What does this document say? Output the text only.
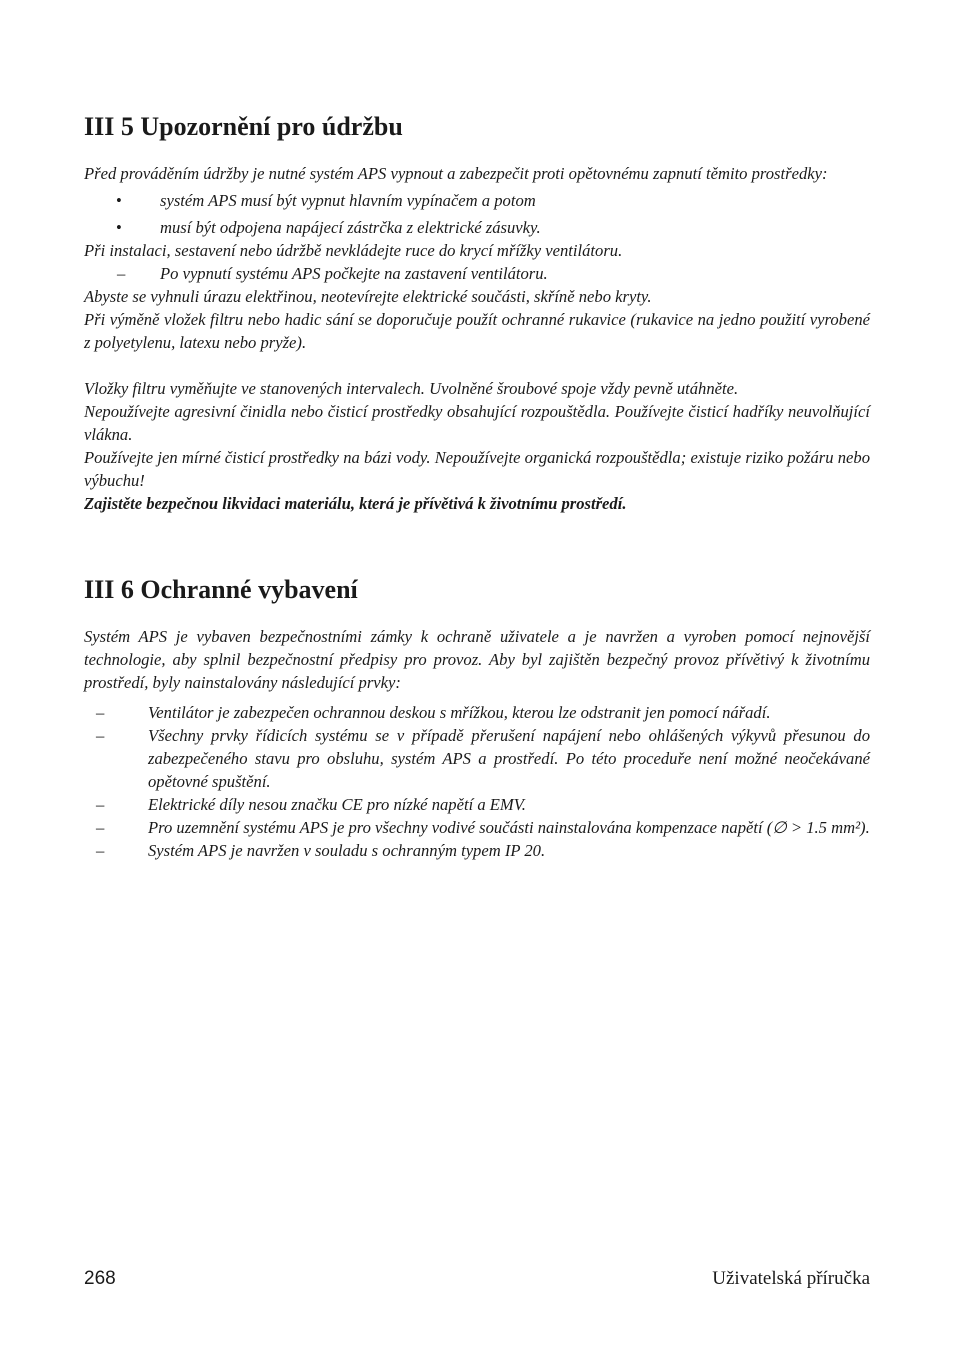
III 5 Upozornění pro údržbu

Před prováděním údržby je nutné systém APS vypnout a zabezpečit proti opětovnému zapnutí těmito prostředky:

• systém APS musí být vypnut hlavním vypínačem a potom
• musí být odpojena napájecí zástrčka z elektrické zásuvky.

Při instalaci, sestavení nebo údržbě nevkládejte ruce do krycí mřížky ventilátoru.

– Po vypnutí systému APS počkejte na zastavení ventilátoru.

Abyste se vyhnuli úrazu elektřinou, neotevírejte elektrické součásti, skříně nebo kryty.

Při výměně vložek filtru nebo hadic sání se doporučuje použít ochranné rukavice (rukavice na jedno použití vyrobené z polyetylenu, latexu nebo pryže).

Vložky filtru vyměňujte ve stanovených intervalech. Uvolněné šroubové spoje vždy pevně utáhněte.

Nepoužívejte agresivní činidla nebo čisticí prostředky obsahující rozpouštědla. Používejte čisticí hadříky neuvolňující vlákna.

Používejte jen mírné čisticí prostředky na bázi vody. Nepoužívejte organická rozpouštědla; existuje riziko požáru nebo výbuchu!

Zajistěte bezpečnou likvidaci materiálu, která je přívětivá k životnímu prostředí.

III 6 Ochranné vybavení

Systém APS je vybaven bezpečnostními zámky k ochraně uživatele a je navržen a vyroben pomocí nejnovější technologie, aby splnil bezpečnostní předpisy pro provoz. Aby byl zajištěn bezpečný provoz přívětivý k životnímu prostředí, byly nainstalovány následující prvky:

–	Ventilátor je zabezpečen ochrannou deskou s mřížkou, kterou lze odstranit jen pomocí nářadí.

–	Všechny prvky řídicích systému se v případě přerušení napájení nebo ohlášených výkyvů přesunou do zabezpečeného stavu pro obsluhu, systém APS a prostředí. Po této proceduře není možné neočekávané opětovné spuštění.

–	Elektrické díly nesou značku CE pro nízké napětí a EMV.

–	Pro uzemnění systému APS je pro všechny vodivé součásti nainstalována kompenzace napětí (∅ > 1.5 mm²).

–	Systém APS je navržen v souladu s ochranným typem IP 20.

268	Uživatelská příručka
